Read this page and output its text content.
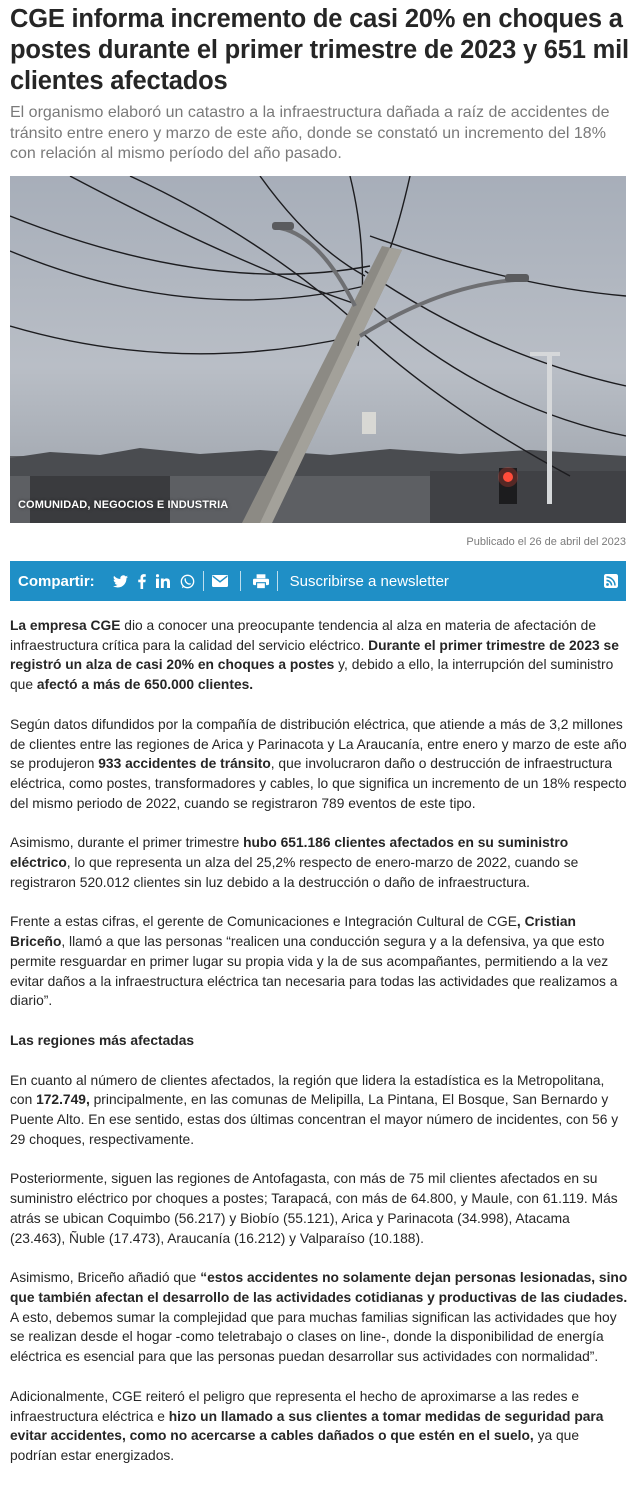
CGE informa incremento de casi 20% en choques a postes durante el primer trimestre de 2023 y 651 mil clientes afectados

El organismo elaboró un catastro a la infraestructura dañada a raíz de accidentes de tránsito entre enero y marzo de este año, donde se constató un incremento del 18% con relación al mismo período del año pasado.

COMUNIDAD, NEGOCIOS E INDUSTRIA
Publicado el 26 de abril del 2023
Compartir:	Suscribirse a newsletter

La empresa CGE dio a conocer una preocupante tendencia al alza en materia de afectación de infraestructura crítica para la calidad del servicio eléctrico. Durante el primer trimestre de 2023 se registró un alza de casi 20% en choques a postes y, debido a ello, la interrupción del suministro que afectó a más de 650.000 clientes.

Según datos difundidos por la compañía de distribución eléctrica, que atiende a más de 3,2 millones de clientes entre las regiones de Arica y Parinacota y La Araucanía, entre enero y marzo de este año se produjeron 933 accidentes de tránsito, que involucraron daño o destrucción de infraestructura eléctrica, como postes, transformadores y cables, lo que significa un incremento de un 18% respecto del mismo periodo de 2022, cuando se registraron 789 eventos de este tipo.

Asimismo, durante el primer trimestre hubo 651.186 clientes afectados en su suministro eléctrico, lo que representa un alza del 25,2% respecto de enero-marzo de 2022, cuando se registraron 520.012 clientes sin luz debido a la destrucción o daño de infraestructura.

Frente a estas cifras, el gerente de Comunicaciones e Integración Cultural de CGE, Cristian Briceño, llamó a que las personas “realicen una conducción segura y a la defensiva, ya que esto permite resguardar en primer lugar su propia vida y la de sus acompañantes, permitiendo a la vez evitar daños a la infraestructura eléctrica tan necesaria para todas las actividades que realizamos a diario”.

Las regiones más afectadas

En cuanto al número de clientes afectados, la región que lidera la estadística es la Metropolitana, con 172.749, principalmente, en las comunas de Melipilla, La Pintana, El Bosque, San Bernardo y Puente Alto. En ese sentido, estas dos últimas concentran el mayor número de incidentes, con 56 y 29 choques, respectivamente.

Posteriormente, siguen las regiones de Antofagasta, con más de 75 mil clientes afectados en su suministro eléctrico por choques a postes; Tarapacá, con más de 64.800, y Maule, con 61.119. Más atrás se ubican Coquimbo (56.217) y Biobío (55.121), Arica y Parinacota (34.998), Atacama (23.463), Ñuble (17.473), Araucanía (16.212) y Valparaíso (10.188).

Asimismo, Briceño añadió que “estos accidentes no solamente dejan personas lesionadas, sino que también afectan el desarrollo de las actividades cotidianas y productivas de las ciudades. A esto, debemos sumar la complejidad que para muchas familias significan las actividades que hoy se realizan desde el hogar -como teletrabajo o clases on line-, donde la disponibilidad de energía eléctrica es esencial para que las personas puedan desarrollar sus actividades con normalidad”.

Adicionalmente, CGE reiteró el peligro que representa el hecho de aproximarse a las redes e infraestructura eléctrica e hizo un llamado a sus clientes a tomar medidas de seguridad para evitar accidentes, como no acercarse a cables dañados o que estén en el suelo, ya que podrían estar energizados.
